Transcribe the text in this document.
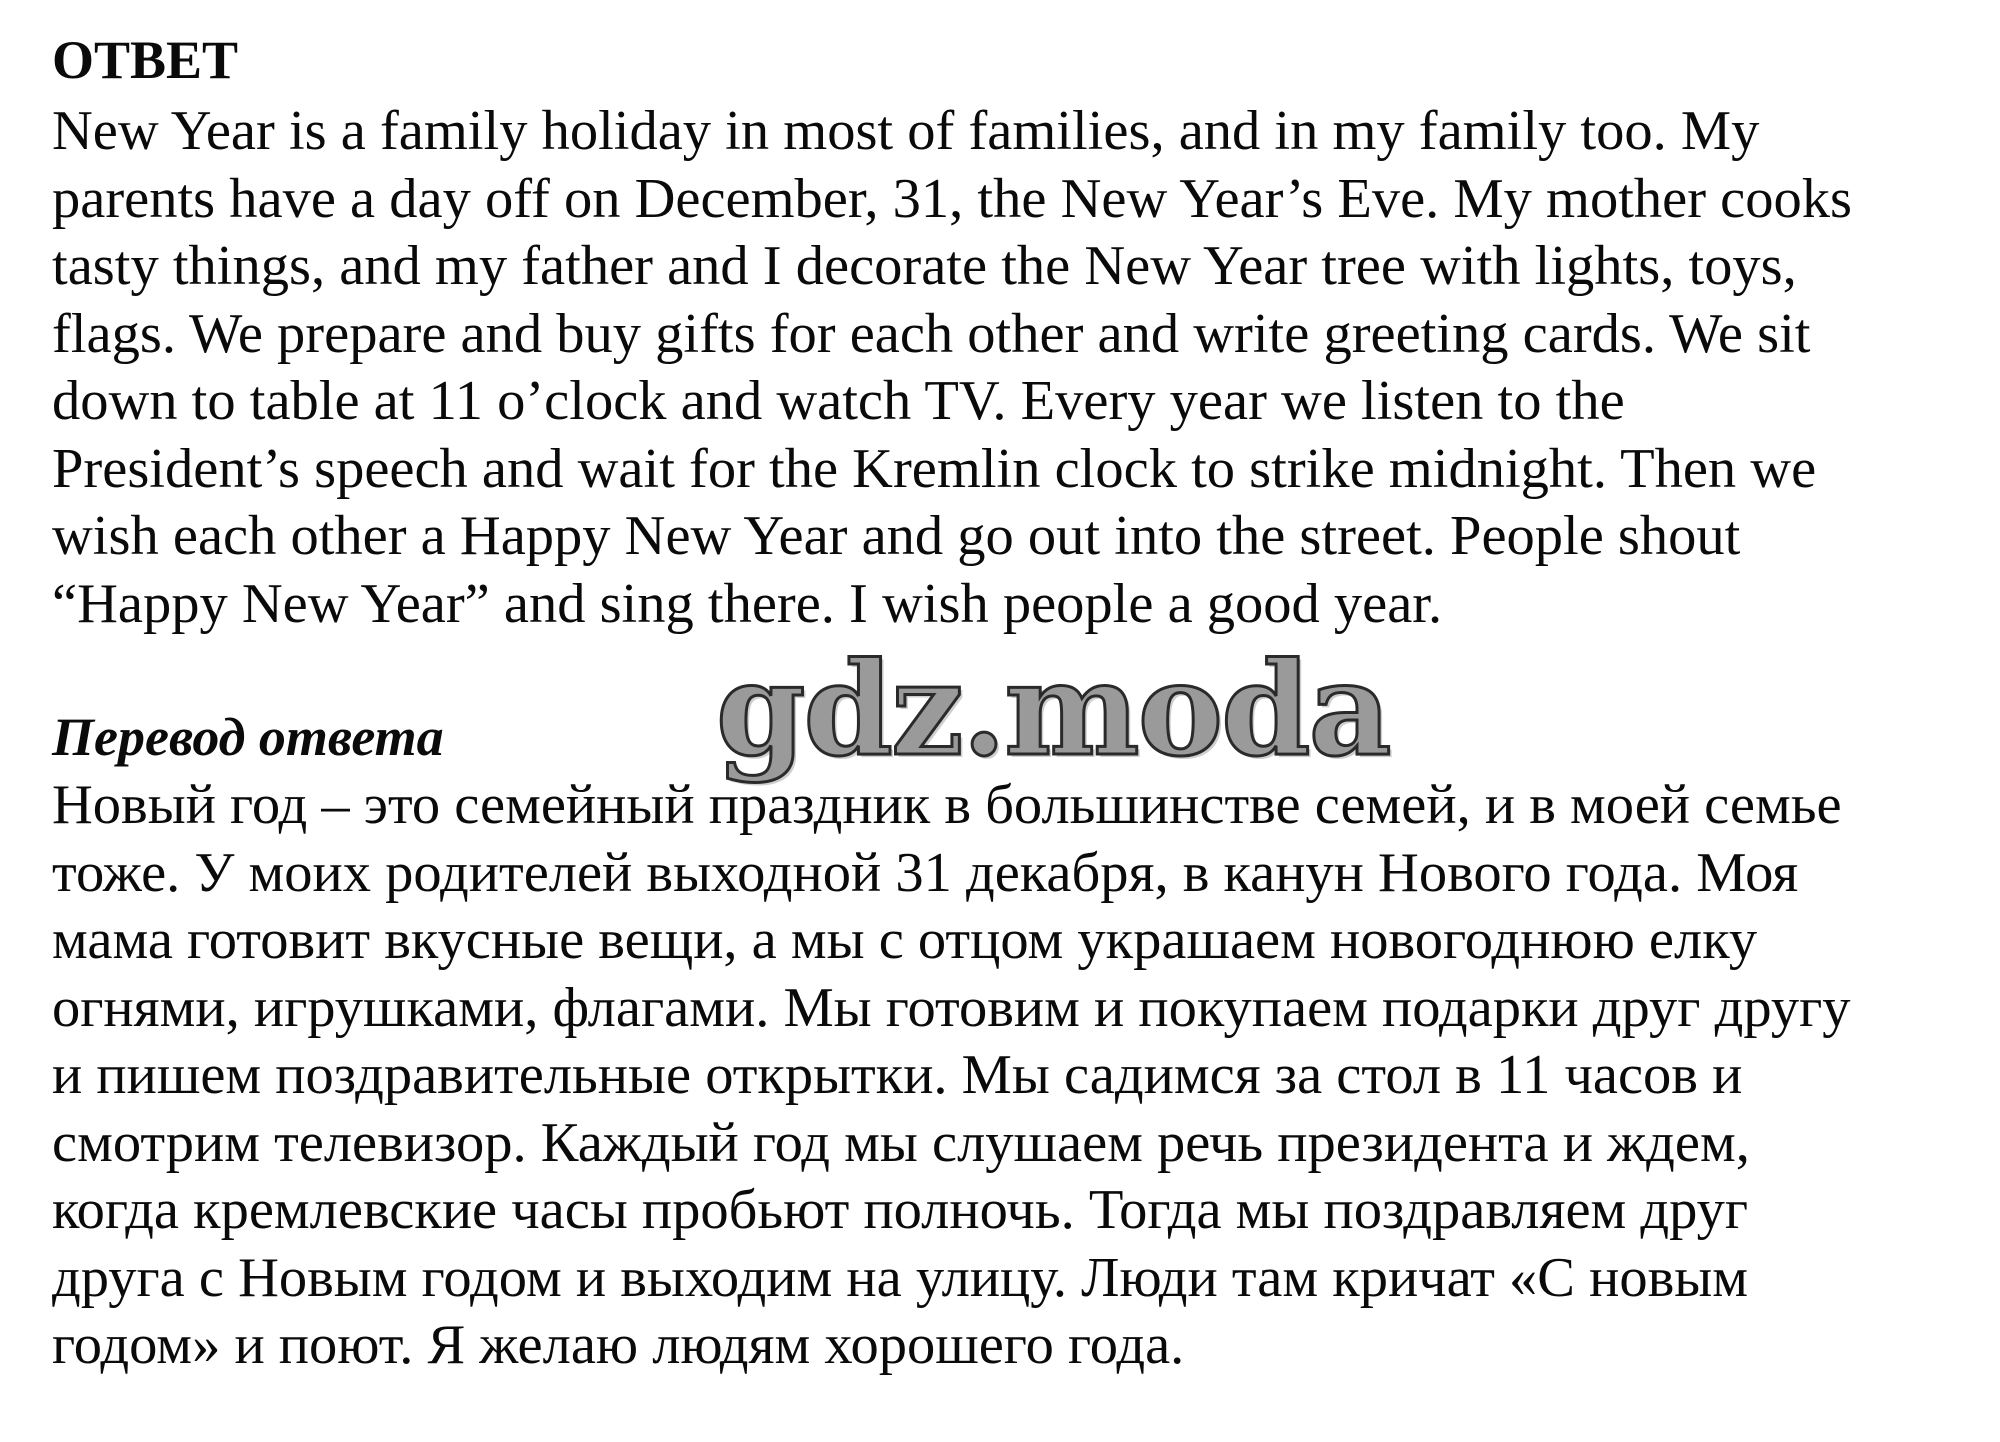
ОТВЕТ

New Year is a family holiday in most of families, and in my family too. My
parents have a day off on December, 31, the New Year’s Eve. My mother cooks
tasty things, and my father and I decorate the New Year tree with lights, toys,
flags. We prepare and buy gifts for each other and write greeting cards. We sit
down to table at 11 o’clock and watch TV. Every year we listen to the
President’s speech and wait for the Kremlin clock to strike midnight. Then we
wish each other a Happy New Year and go out into the street. People shout
“Happy New Year” and sing there. I wish people a good year.

gdz.moda
Перевод ответа

Новый год – это семейный праздник в большинстве семей, и в моей семье
тоже. У моих родителей выходной 31 декабря, в канун Нового года. Моя
мама готовит вкусные вещи, а мы с отцом украшаем новогоднюю елку
огнями, игрушками, флагами. Мы готовим и покупаем подарки друг другу
и пишем поздравительные открытки. Мы садимся за стол в 11 часов и
смотрим телевизор. Каждый год мы слушаем речь президента и ждем,
когда кремлевские часы пробьют полночь. Тогда мы поздравляем друг
друга с Новым годом и выходим на улицу. Люди там кричат «С новым
годом» и поют. Я желаю людям хорошего года.
